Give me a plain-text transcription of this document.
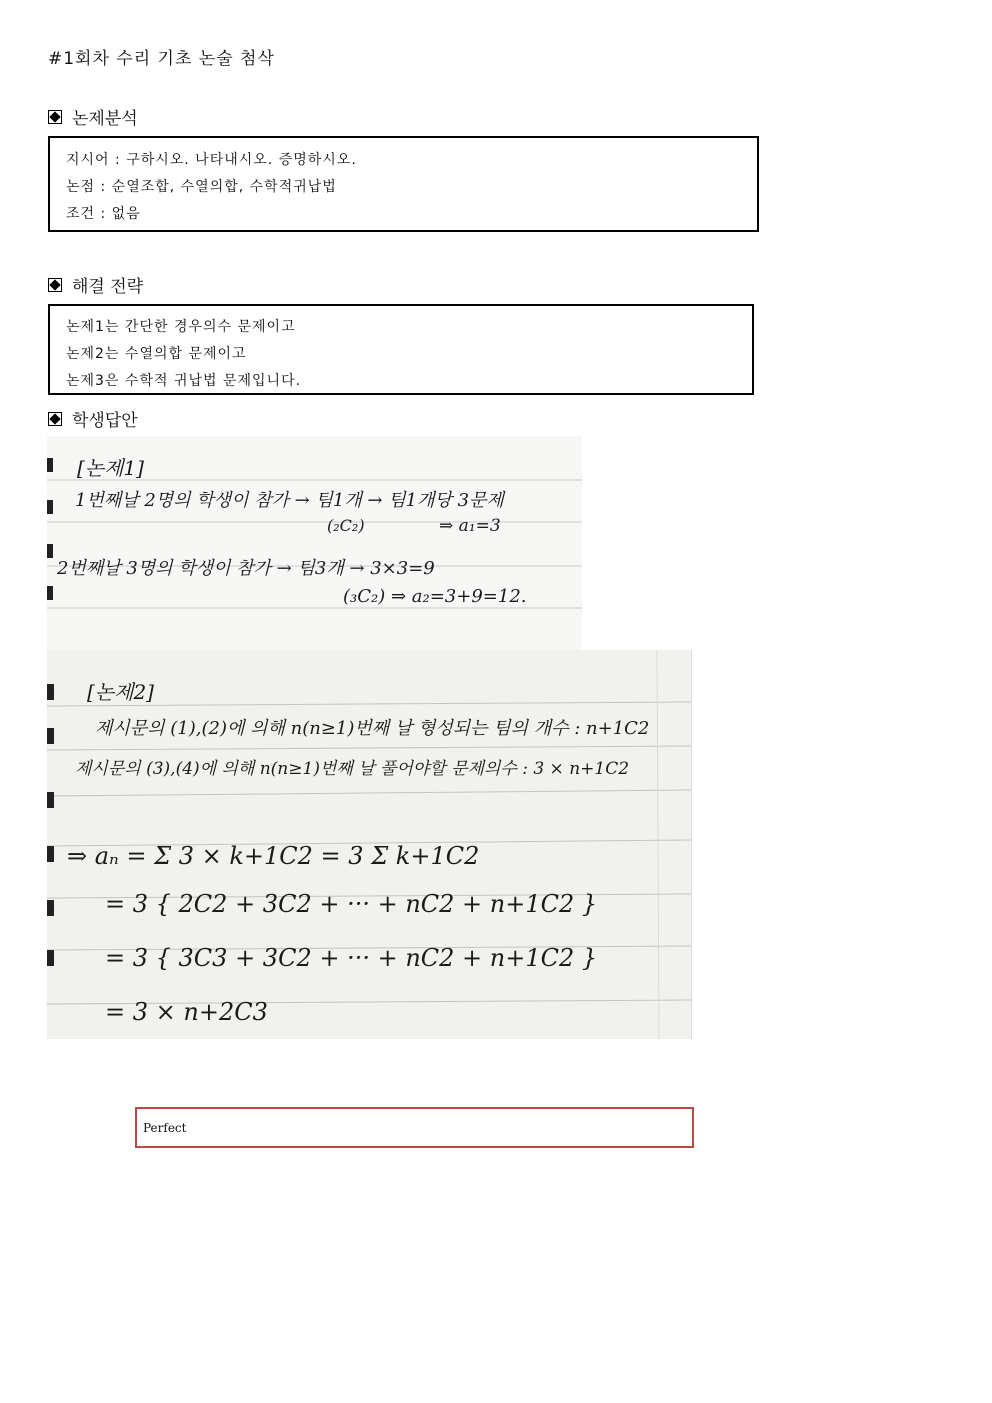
#1회차 수리 기초 논술 첨삭
논제분석
지시어 : 구하시오. 나타내시오. 증명하시오.
논점 : 순열조합, 수열의합, 수학적귀납법
조건 : 없음
해결 전략
논제1는 간단한 경우의수 문제이고
논제2는 수열의합 문제이고
논제3은 수학적 귀납법 문제입니다.
학생답안
[논제1]
1번째날 2명의 학생이 참가 → 팀1개 → 팀1개당 3문제
(₂C₂)	⇒ a₁=3
2번째날 3명의 학생이 참가 → 팀3개 → 3×3=9
(₃C₂) ⇒ a₂=3+9=12.
[논제2]
제시문의 (1),(2)에 의해 n(n≥1)번째 날 형성되는 팀의 개수 : n+1C2
제시문의 (3),(4)에 의해 n(n≥1)번째 날 풀어야할 문제의수 : 3 × n+1C2
⇒ aₙ = Σ 3 × k+1C2 = 3 Σ k+1C2
= 3 { 2C2 + 3C2 + ··· + nC2 + n+1C2 }
= 3 { 3C3 + 3C2 + ··· + nC2 + n+1C2 }
= 3 × n+2C3
Perfect
